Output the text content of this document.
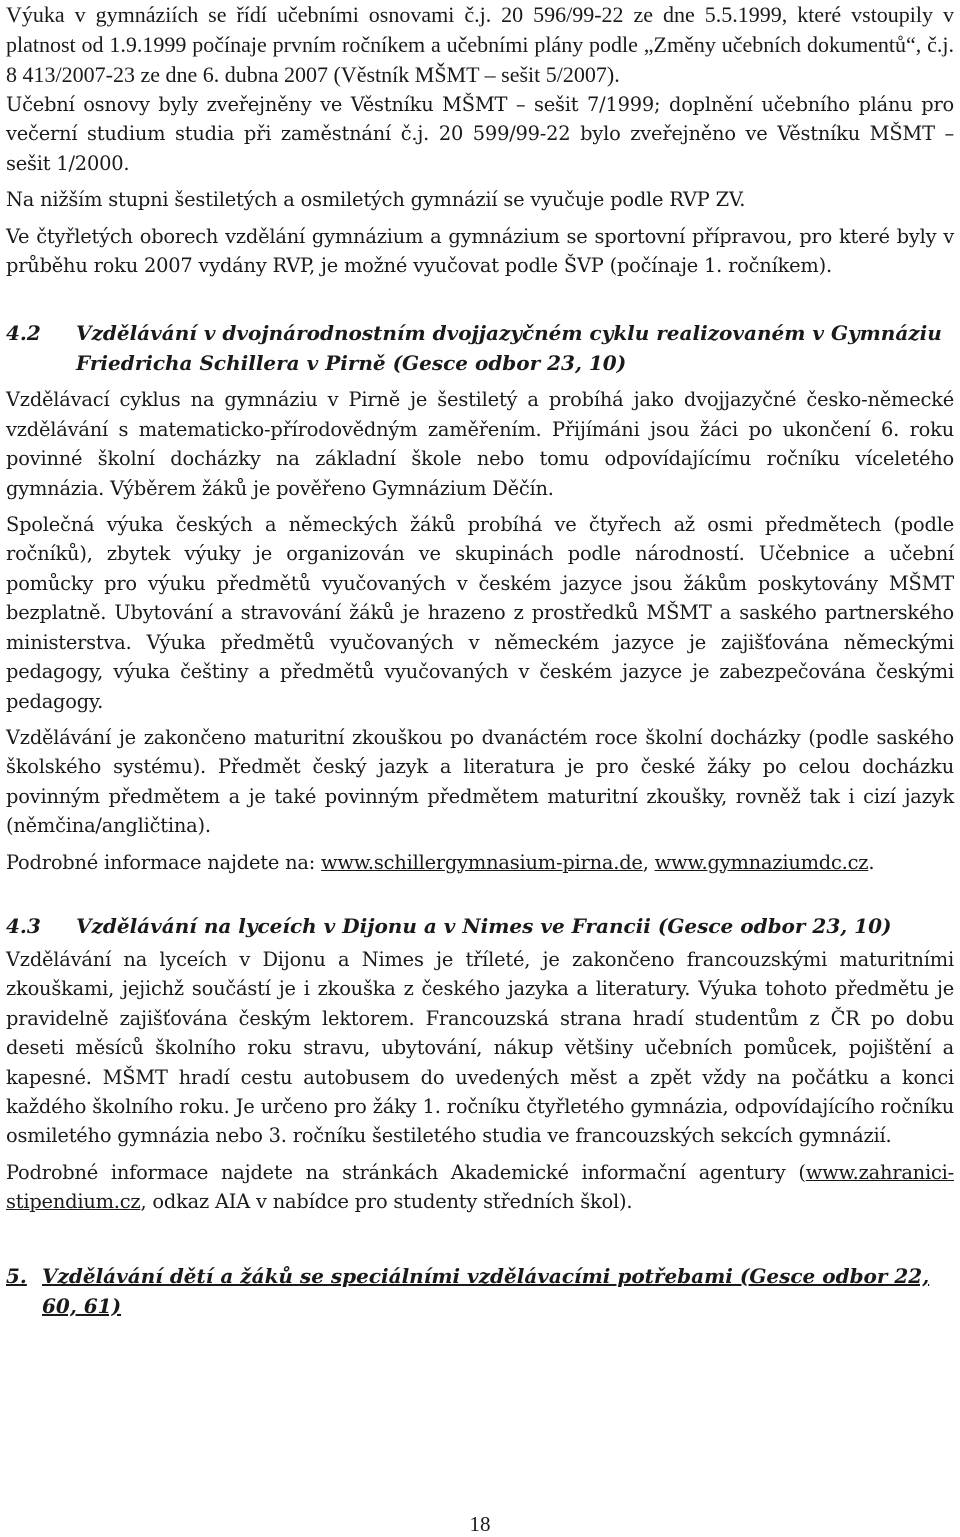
Výuka v gymnáziích se řídí učebními osnovami č.j. 20 596/99-22 ze dne 5.5.1999, které vstoupily v platnost od 1.9.1999 počínaje prvním ročníkem a učebními plány podle „Změny učebních dokumentů“, č.j. 8 413/2007-23 ze dne 6. dubna 2007 (Věstník MŠMT – sešit 5/2007).

Učební osnovy byly zveřejněny ve Věstníku MŠMT – sešit 7/1999; doplnění učebního plánu pro večerní studium studia při zaměstnání č.j. 20 599/99-22 bylo zveřejněno ve Věstníku MŠMT – sešit 1/2000.

Na nižším stupni šestiletých a osmiletých gymnázií se vyučuje podle RVP ZV.

Ve čtyřletých oborech vzdělání gymnázium a gymnázium se sportovní přípravou, pro které byly v průběhu roku 2007 vydány RVP, je možné vyučovat podle ŠVP (počínaje 1. ročníkem).

4.2	Vzdělávání v dvojnárodnostním dvojjazyčném cyklu realizovaném v Gymnáziu Friedricha Schillera v Pirně (Gesce odbor 23, 10)

Vzdělávací cyklus na gymnáziu v Pirně je šestiletý a probíhá jako dvojjazyčné česko-německé vzdělávání s matematicko-přírodovědným zaměřením. Přijímáni jsou žáci po ukončení 6. roku povinné školní docházky na základní škole nebo tomu odpovídajícímu ročníku víceletého gymnázia. Výběrem žáků je pověřeno Gymnázium Děčín.

Společná výuka českých a německých žáků probíhá ve čtyřech až osmi předmětech (podle ročníků), zbytek výuky je organizován ve skupinách podle národností. Učebnice a učební pomůcky pro výuku předmětů vyučovaných v českém jazyce jsou žákům poskytovány MŠMT bezplatně. Ubytování a stravování žáků je hrazeno z prostředků MŠMT a saského partnerského ministerstva. Výuka předmětů vyučovaných v německém jazyce je zajišťována německými pedagogy, výuka češtiny a předmětů vyučovaných v českém jazyce je zabezpečována českými pedagogy.

Vzdělávání je zakončeno maturitní zkouškou po dvanáctém roce školní docházky (podle saského školského systému). Předmět český jazyk a literatura je pro české žáky po celou docházku povinným předmětem a je také povinným předmětem maturitní zkoušky, rovněž tak i cizí jazyk (němčina/angličtina).

Podrobné informace najdete na: www.schillergymnasium-pirna.de, www.gymnaziumdc.cz.

4.3	Vzdělávání na lyceích v Dijonu a v Nimes ve Francii (Gesce odbor 23, 10)

Vzdělávání na lyceích v Dijonu a Nimes je tříleté, je zakončeno francouzskými maturitními zkouškami, jejichž součástí je i zkouška z českého jazyka a literatury. Výuka tohoto předmětu je pravidelně zajišťována českým lektorem. Francouzská strana hradí studentům z ČR po dobu deseti měsíců školního roku stravu, ubytování, nákup většiny učebních pomůcek, pojištění a kapesné. MŠMT hradí cestu autobusem do uvedených měst a zpět vždy na počátku a konci každého školního roku. Je určeno pro žáky 1. ročníku čtyřletého gymnázia, odpovídajícího ročníku osmiletého gymnázia nebo 3. ročníku šestiletého studia ve francouzských sekcích gymnázií.

Podrobné informace najdete na stránkách Akademické informační agentury (www.zahranici-stipendium.cz, odkaz AIA v nabídce pro studenty středních škol).

5. Vzdělávání dětí a žáků se speciálními vzdělávacími potřebami (Gesce odbor 22, 60, 61)
18
